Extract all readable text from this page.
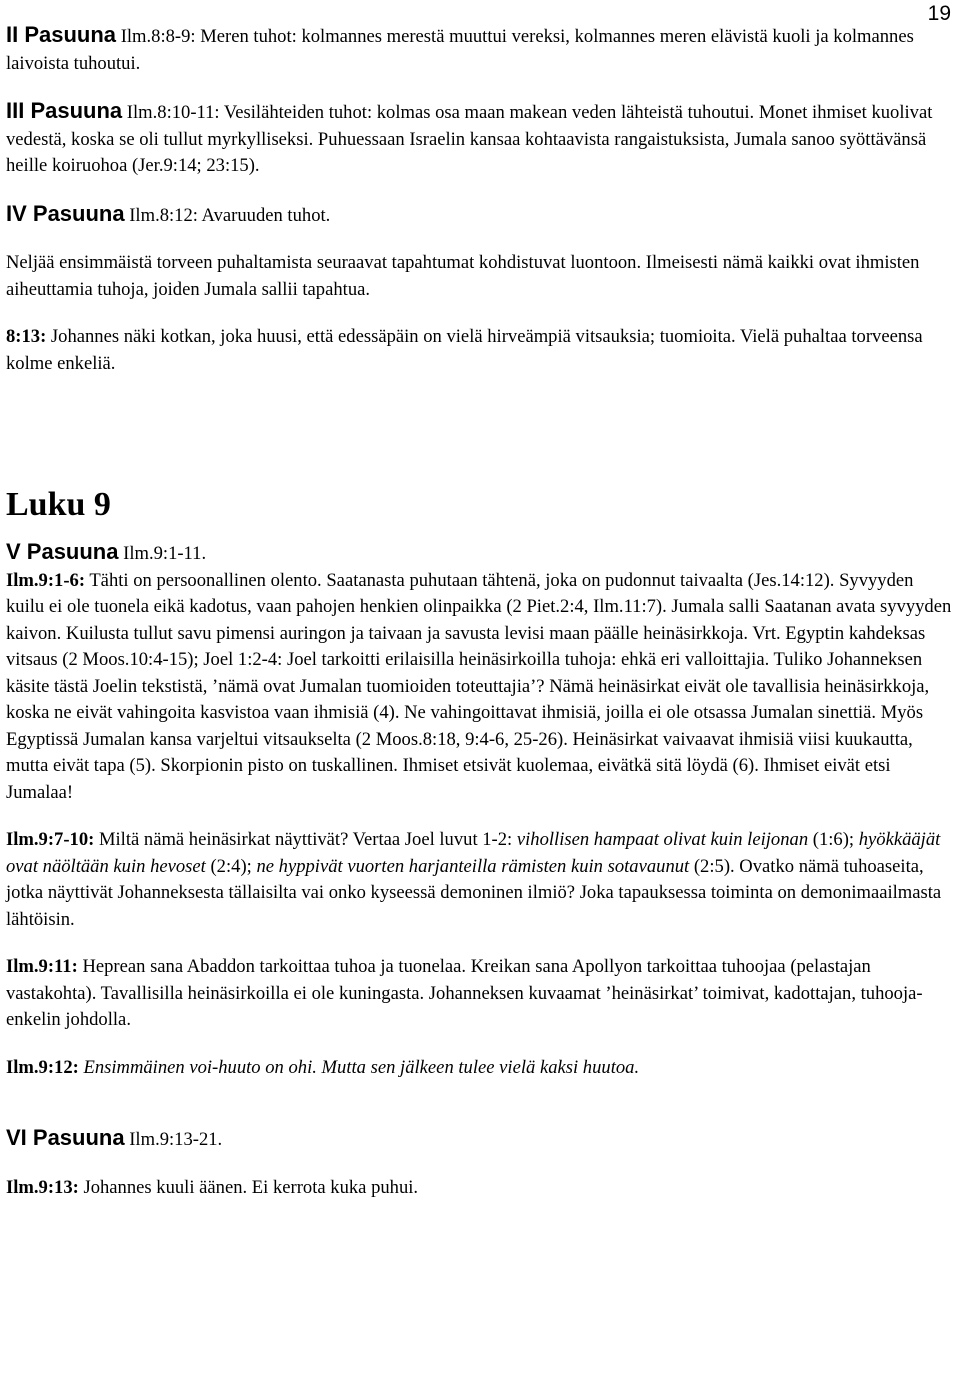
19

II Pasuuna Ilm.8:8-9: Meren tuhot: kolmannes merestä muuttui vereksi, kolmannes meren elävistä kuoli ja kolmannes laivoista tuhoutui.

III Pasuuna Ilm.8:10-11: Vesilähteiden tuhot: kolmas osa maan makean veden lähteistä tuhoutui. Monet ihmiset kuolivat vedestä, koska se oli tullut myrkylliseksi. Puhuessaan Israelin kansaa kohtaavista rangaistuksista, Jumala sanoo syöttävänsä heille koiruohoa (Jer.9:14; 23:15).

IV Pasuuna Ilm.8:12: Avaruuden tuhot.

Neljää ensimmäistä torveen puhaltamista seuraavat tapahtumat kohdistuvat luontoon. Ilmeisesti nämä kaikki ovat ihmisten aiheuttamia tuhoja, joiden Jumala sallii tapahtua.

8:13: Johannes näki kotkan, joka huusi, että edessäpäin on vielä hirveämpiä vitsauksia; tuomioita. Vielä puhaltaa torveensa kolme enkeliä.

Luku 9

V Pasuuna Ilm.9:1-11.

Ilm.9:1-6: Tähti on persoonallinen olento. Saatanasta puhutaan tähtenä, joka on pudonnut taivaalta (Jes.14:12). Syvyyden kuilu ei ole tuonela eikä kadotus, vaan pahojen henkien olinpaikka (2 Piet.2:4, Ilm.11:7). Jumala salli Saatanan avata syvyyden kaivon. Kuilusta tullut savu pimensi auringon ja taivaan ja savusta levisi maan päälle heinäsirkkoja. Vrt. Egyptin kahdeksas vitsaus (2 Moos.10:4-15); Joel 1:2-4: Joel tarkoitti erilaisilla heinäsirkoilla tuhoja: ehkä eri valloittajia. Tuliko Johanneksen käsite tästä Joelin tekstistä, ’nämä ovat Jumalan tuomioiden toteuttajia’? Nämä heinäsirkat eivät ole tavallisia heinäsirkkoja, koska ne eivät vahingoita kasvistoa vaan ihmisiä (4). Ne vahingoittavat ihmisiä, joilla ei ole otsassa Jumalan sinettiä. Myös Egyptissä Jumalan kansa varjeltui vitsaukselta (2 Moos.8:18, 9:4-6, 25-26). Heinäsirkat vaivaavat ihmisiä viisi kuukautta, mutta eivät tapa (5). Skorpionin pisto on tuskallinen. Ihmiset etsivät kuolemaa, eivätkä sitä löydä (6). Ihmiset eivät etsi Jumalaa!

Ilm.9:7-10: Miltä nämä heinäsirkat näyttivät? Vertaa Joel luvut 1-2: vihollisen hampaat olivat kuin leijonan (1:6); hyökkääjät ovat näöltään kuin hevoset (2:4); ne hyppivät vuorten harjanteilla rämisten kuin sotavaunut (2:5). Ovatko nämä tuhoaseita, jotka näyttivät Johanneksesta tällaisilta vai onko kyseessä demoninen ilmiö? Joka tapauksessa toiminta on demonimaailmasta lähtöisin.

Ilm.9:11: Heprean sana Abaddon tarkoittaa tuhoa ja tuonelaa. Kreikan sana Apollyon tarkoittaa tuhoojaa (pelastajan vastakohta). Tavallisilla heinäsirkoilla ei ole kuningasta. Johanneksen kuvaamat ’heinäsirkat’ toimivat, kadottajan, tuhooja-enkelin johdolla.

Ilm.9:12: Ensimmäinen voi-huuto on ohi. Mutta sen jälkeen tulee vielä kaksi huutoa.

VI Pasuuna Ilm.9:13-21.

Ilm.9:13: Johannes kuuli äänen. Ei kerrota kuka puhui.
